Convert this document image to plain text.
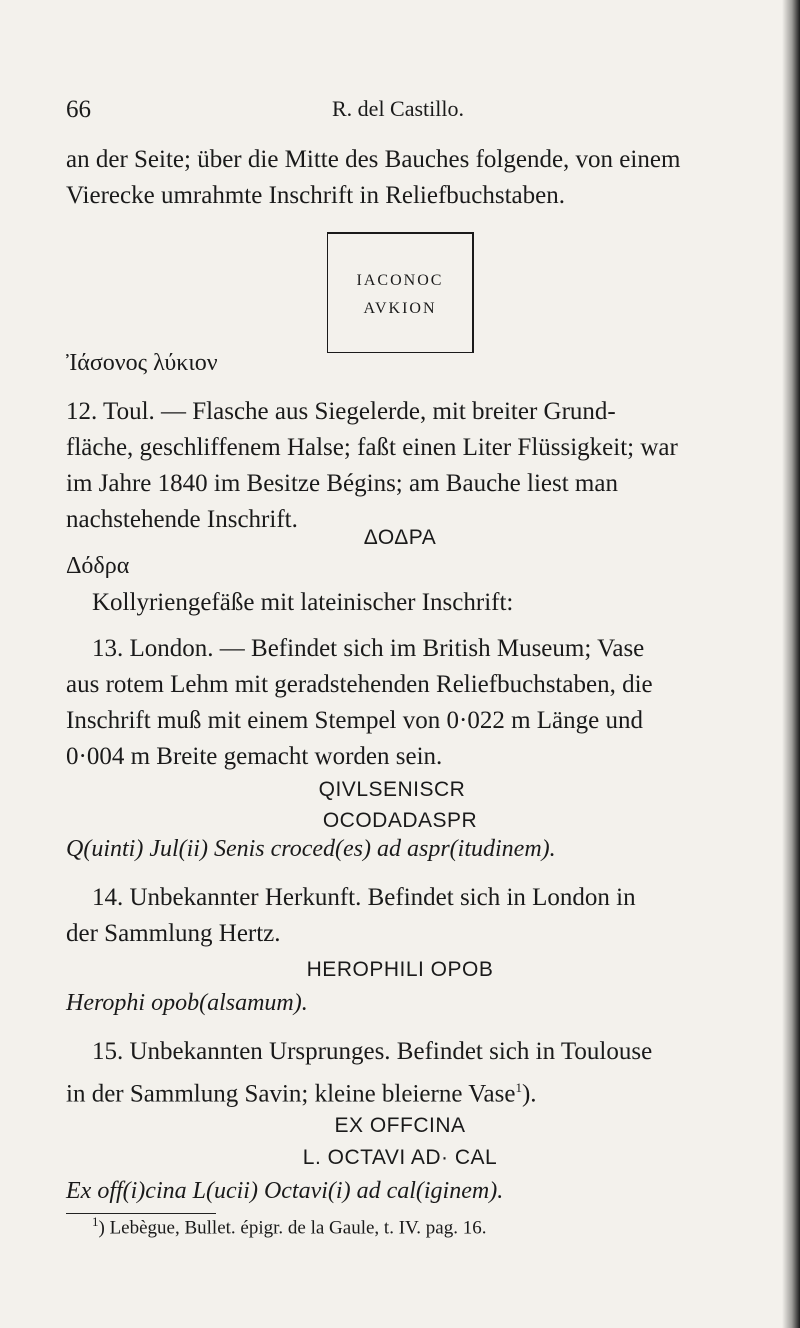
66	R. del Castillo.
an der Seite; über die Mitte des Bauches folgende, von einem
Vierecke umrahmte Inschrift in Reliefbuchstaben.
IACONOC
AVKION
Ἰάσονος λύκιον
12. Toul. — Flasche aus Siegelerde, mit breiter Grund-
fläche, geschliffenem Halse; faßt einen Liter Flüssigkeit; war
im Jahre 1840 im Besitze Bégins; am Bauche liest man
nachstehende Inschrift.
ΔΟΔΡΑ
Δόδρα
Kollyriengefäße mit lateinischer Inschrift:
13. London. — Befindet sich im British Museum; Vase
aus rotem Lehm mit geradstehenden Reliefbuchstaben, die
Inschrift muß mit einem Stempel von 0·022 m Länge und
0·004 m Breite gemacht worden sein.
QIVLSENISCR
OCODADASPR
Q(uinti) Jul(ii) Senis croced(es) ad aspr(itudinem).
14. Unbekannter Herkunft. Befindet sich in London in
der Sammlung Hertz.
HEROPHILI OPOB
Herophi opob(alsamum).
15. Unbekannten Ursprunges. Befindet sich in Toulouse
in der Sammlung Savin; kleine bleierne Vase$^1$).
EX OFFCINA
L. OCTAVI AD· CAL
Ex off(i)cina L(ucii) Octavi(i) ad cal(iginem).
$^1$) Lebègue, Bullet. épigr. de la Gaule, t. IV. pag. 16.
